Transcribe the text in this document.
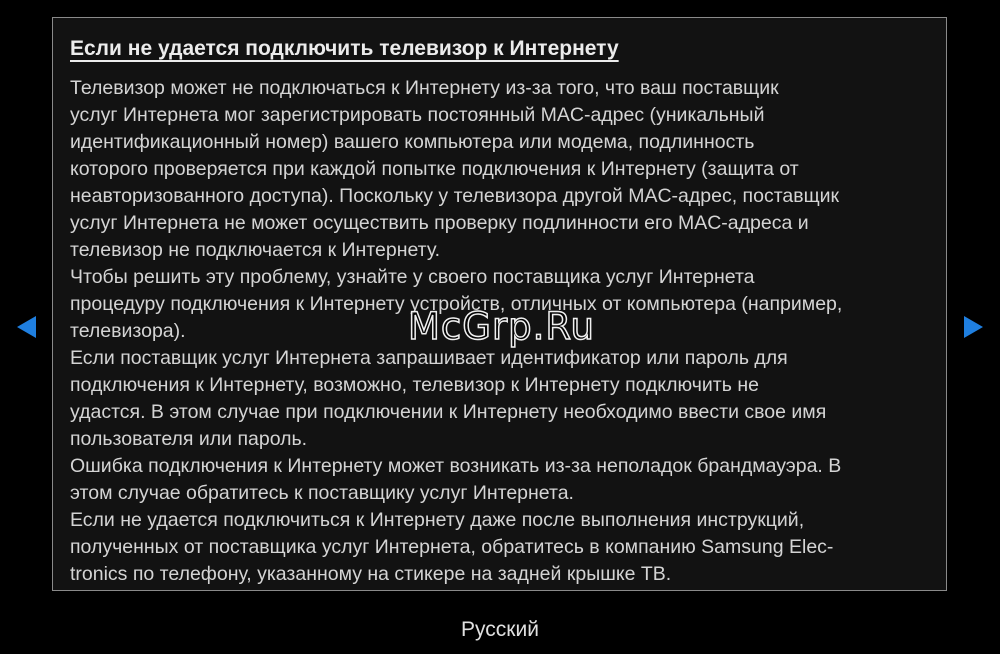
Если не удается подключить телевизор к Интернету
Телевизор может не подключаться к Интернету из-за того, что ваш поставщик
услуг Интернета мог зарегистрировать постоянный MAC-адрес (уникальный
идентификационный номер) вашего компьютера или модема, подлинность
которого проверяется при каждой попытке подключения к Интернету (защита от
неавторизованного доступа). Поскольку у телевизора другой MAC-адрес, поставщик
услуг Интернета не может осуществить проверку подлинности его MAC-адреса и
телевизор не подключается к Интернету.
Чтобы решить эту проблему, узнайте у своего поставщика услуг Интернета
процедуру подключения к Интернету устройств, отличных от компьютера (например,
телевизора).
Если поставщик услуг Интернета запрашивает идентификатор или пароль для
подключения к Интернету, возможно, телевизор к Интернету подключить не
удастся. В этом случае при подключении к Интернету необходимо ввести свое имя
пользователя или пароль.
Ошибка подключения к Интернету может возникать из-за неполадок брандмауэра. В
этом случае обратитесь к поставщику услуг Интернета.
Если не удается подключиться к Интернету даже после выполнения инструкций,
полученных от поставщика услуг Интернета, обратитесь в компанию Samsung Elec-
tronics по телефону, указанному на стикере на задней крышке ТВ.
McGrp.Ru
Русский
